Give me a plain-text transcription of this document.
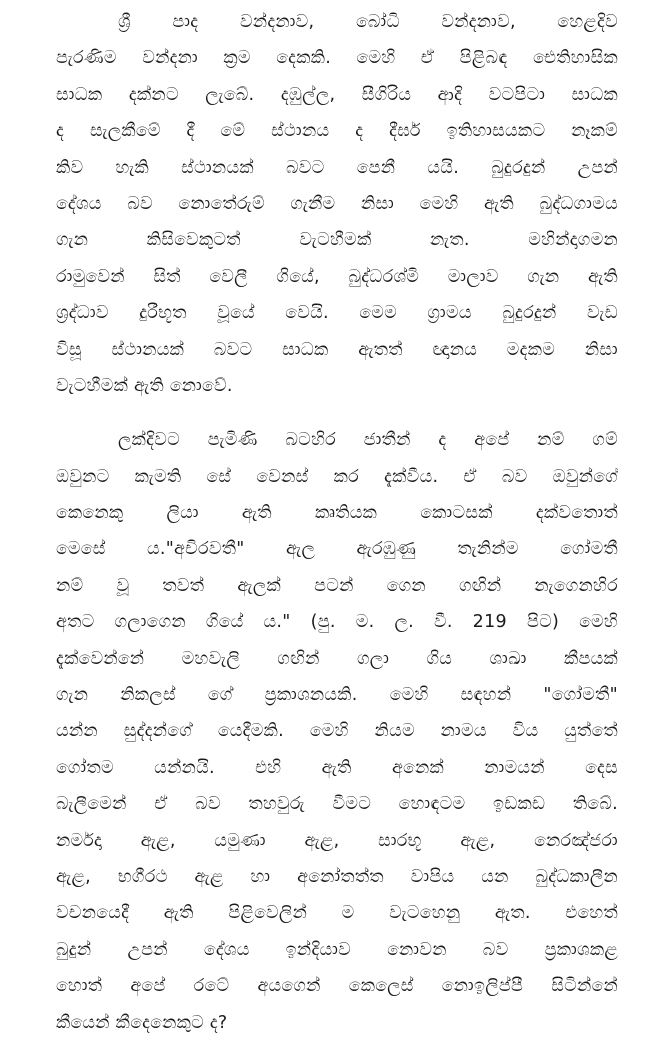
ශ්‍රී පාද වන්දනාව, බෝධි වන්දනාව, හෙළදිව
පැරණිම වන්දනා ක්‍රම දෙකකි. මෙහි ඒ පිළිබඳ ඓතිහාසික
සාධක දක්නට ලැබේ. දඹුල්ල, සීගිරිය ආදි වටපිටා සාධක
ද සැලකීමේ දී මේ ස්ථානය ද දීර්ඝ ඉතිහාසයකට නෑකම්
කිව හැකි ස්ථානයක් බවට පෙනී යයි. බුදුරදුන් උපන්
දේශය බව නොතේරුම් ගැනීම නිසා මෙහි ඇති බුද්ධගාමය
ගැන කිසිවෙකුටත් වැටහීමක් නැත. මහින්දාගමන
රාමුවෙන් සිත් වෙලී ගියේ, බුද්ධරශ්මි මාලාව ගැන ඇති
ශ්‍රද්ධාව දුරීභූත වූයේ වෙයි. මෙම ග්‍රාමය බුදුරදුන් වැඩ
විසූ ස්ථානයක් බවට සාධක ඇතත් ඥානය මදකම නිසා
වැටහීමක් ඇති නොවේ.
ලක්දිවට පැමිණි බටහිර ජාතීන් ද අපේ නම් ගම්
ඔවුනට කැමති සේ වෙනස් කර දැක්වීය. ඒ බව ඔවුන්ගේ
කෙනෙකු ලියා ඇති කෘතියක කොටසක් දක්වතොත්
මෙසේ ය."අචිරවතී" ඇල ඇරඹුණු තැනින්ම ගෝමතී
නම් වූ තවත් ඇලක් පටන් ගෙන ගඟින් නැගෙනහිර
අතට ගලාගෙන ගියේ ය." (පු. ම. ල. වී. 219 පිට) මෙහි
දැක්වෙන්නේ මහවැලි ගඟින් ගලා ගිය ශාඛා කීපයක්
ගැන නිකලස් ගේ ප්‍රකාශනයකි. මෙහි සඳහන් "ගෝමතී"
යන්න සුද්දන්ගේ යෙදීමකි. මෙහි නියම නාමය විය යුත්තේ
ගෝතම යන්නයි. එහි ඇති අනෙක් නාමයන් දෙස
බැලීමෙන් ඒ බව තහවුරු වීමට හොඳටම ඉඩකඩ තිබේ.
නර්මදා ඇළ, යමුණා ඇළ, සාරභූ ඇළ, නෙරඤ්ජරා
ඇළ, භගීරථ ඇළ හා අනෝතත්ත වාපිය යන බුද්ධකාලීන
වචනයෙදී ඇති පිළිවෙලින් ම වැටහෙනු ඇත. එහෙත්
බුදුන් උපන් දේශය ඉන්දියාව නොවන බව ප්‍රකාශකළ
හොත් අපේ රටේ අයගෙන් කෙලෙස් නොඉලිප්පී සිටින්නේ
කීයෙන් කීදෙනෙකුට ද?
